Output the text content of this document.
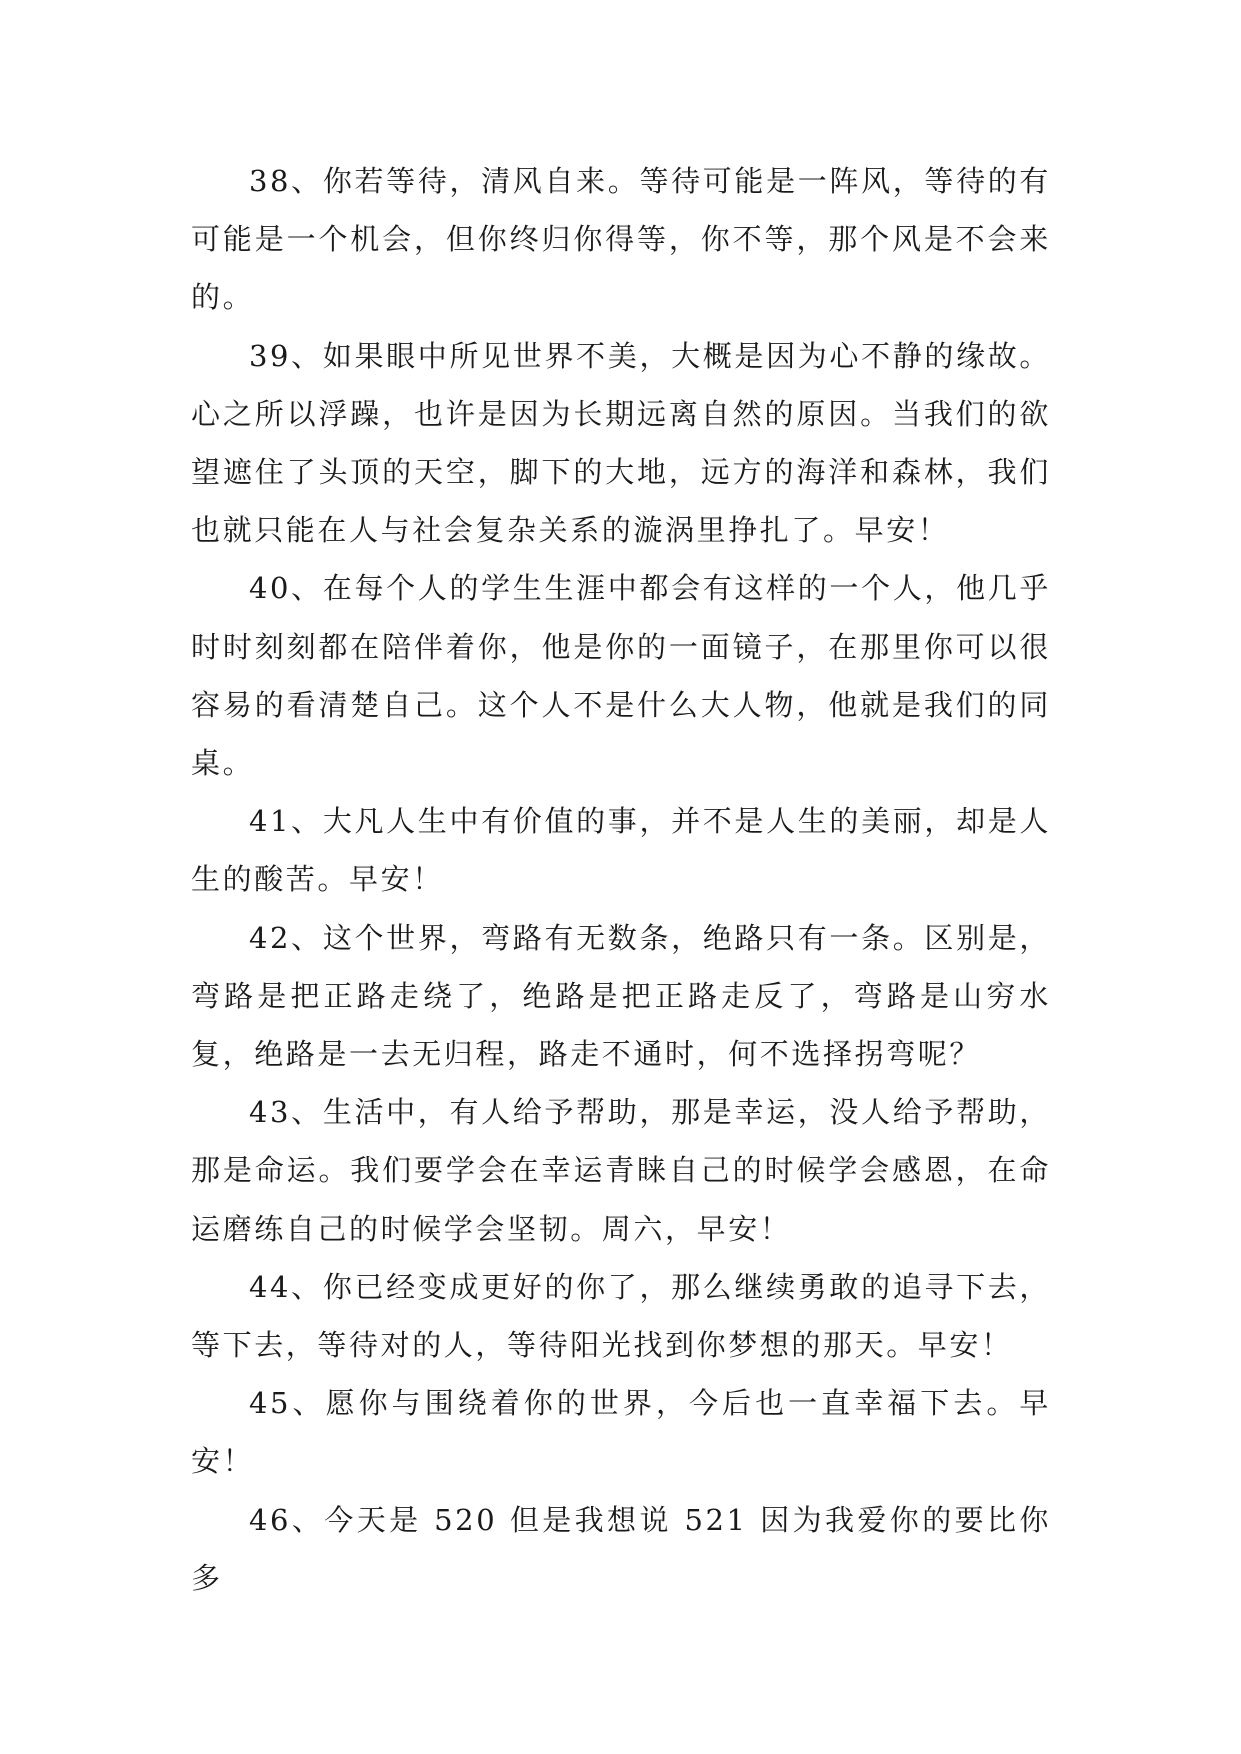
38、你若等待，清风自来。等待可能是一阵风，等待的有可能是一个机会，但你终归你得等，你不等，那个风是不会来的。

39、如果眼中所见世界不美，大概是因为心不静的缘故。心之所以浮躁，也许是因为长期远离自然的原因。当我们的欲望遮住了头顶的天空，脚下的大地，远方的海洋和森林，我们也就只能在人与社会复杂关系的漩涡里挣扎了。早安！

40、在每个人的学生生涯中都会有这样的一个人，他几乎时时刻刻都在陪伴着你，他是你的一面镜子，在那里你可以很容易的看清楚自己。这个人不是什么大人物，他就是我们的同桌。

41、大凡人生中有价值的事，并不是人生的美丽，却是人生的酸苦。早安！

42、这个世界，弯路有无数条，绝路只有一条。区别是，弯路是把正路走绕了，绝路是把正路走反了，弯路是山穷水复，绝路是一去无归程，路走不通时，何不选择拐弯呢？

43、生活中，有人给予帮助，那是幸运，没人给予帮助，那是命运。我们要学会在幸运青睐自己的时候学会感恩，在命运磨练自己的时候学会坚韧。周六，早安！

44、你已经变成更好的你了，那么继续勇敢的追寻下去，等下去，等待对的人，等待阳光找到你梦想的那天。早安！

45、愿你与围绕着你的世界，今后也一直幸福下去。早安！

46、今天是 520 但是我想说 521 因为我爱你的要比你多
